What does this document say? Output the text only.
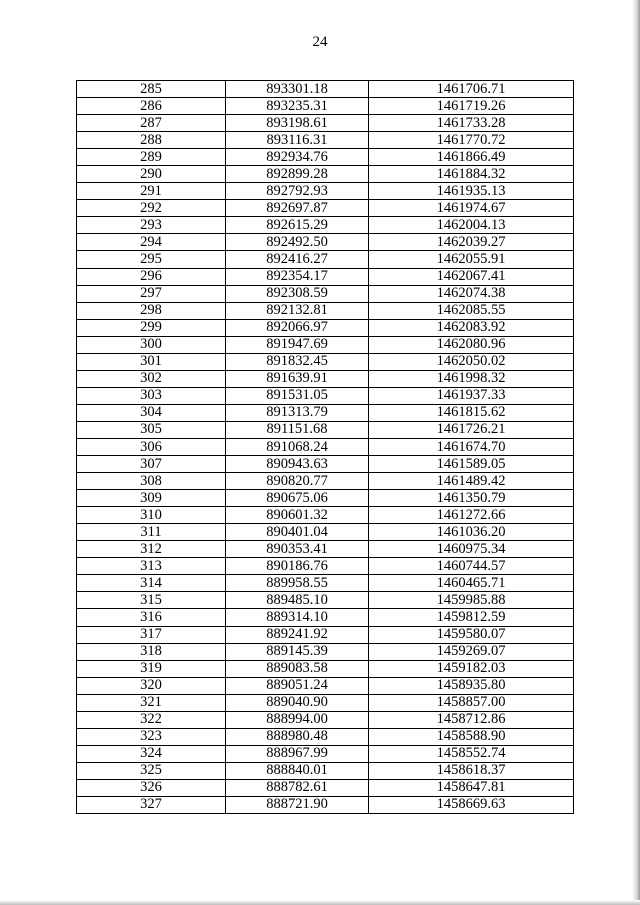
24
285	893301.18	1461706.71
286	893235.31	1461719.26
287	893198.61	1461733.28
288	893116.31	1461770.72
289	892934.76	1461866.49
290	892899.28	1461884.32
291	892792.93	1461935.13
292	892697.87	1461974.67
293	892615.29	1462004.13
294	892492.50	1462039.27
295	892416.27	1462055.91
296	892354.17	1462067.41
297	892308.59	1462074.38
298	892132.81	1462085.55
299	892066.97	1462083.92
300	891947.69	1462080.96
301	891832.45	1462050.02
302	891639.91	1461998.32
303	891531.05	1461937.33
304	891313.79	1461815.62
305	891151.68	1461726.21
306	891068.24	1461674.70
307	890943.63	1461589.05
308	890820.77	1461489.42
309	890675.06	1461350.79
310	890601.32	1461272.66
311	890401.04	1461036.20
312	890353.41	1460975.34
313	890186.76	1460744.57
314	889958.55	1460465.71
315	889485.10	1459985.88
316	889314.10	1459812.59
317	889241.92	1459580.07
318	889145.39	1459269.07
319	889083.58	1459182.03
320	889051.24	1458935.80
321	889040.90	1458857.00
322	888994.00	1458712.86
323	888980.48	1458588.90
324	888967.99	1458552.74
325	888840.01	1458618.37
326	888782.61	1458647.81
327	888721.90	1458669.63
